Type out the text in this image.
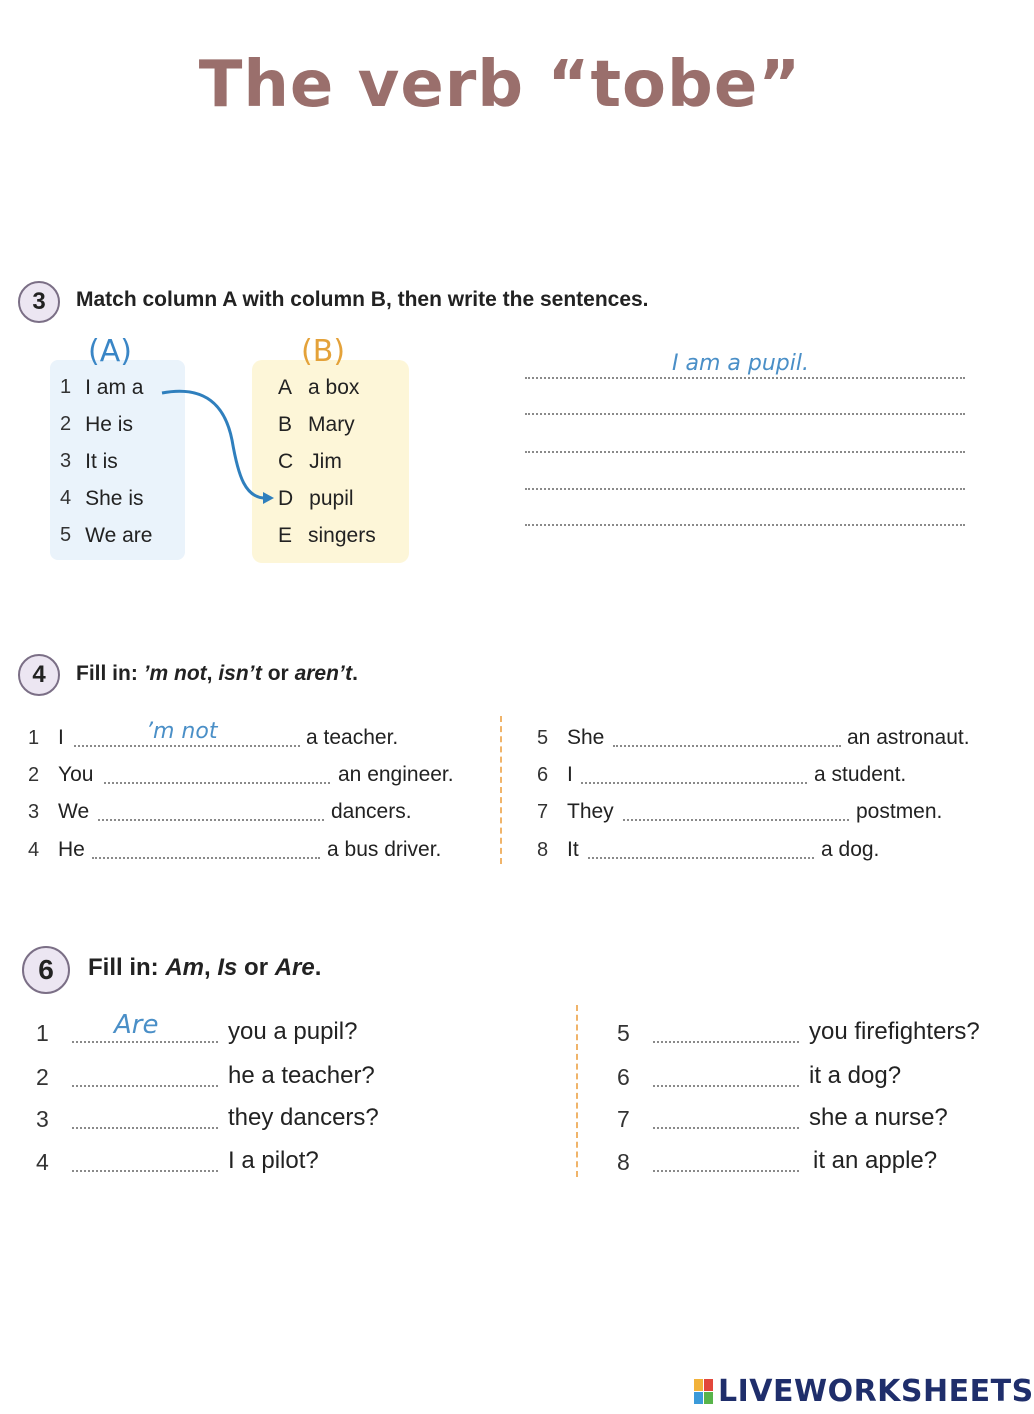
The verb “tobe”
3	Match column A with column B, then write the sentences.
(A)	(B)
1 I am a
2 He is
3 It is
4 She is
5 We are
A a box
B Mary
C Jim
D pupil
E singers
I am a pupil.
4	Fill in: ’m not, isn’t or aren’t.
1 I	’m not	a teacher.
2 You	an engineer.
3 We	dancers.
4 He	a bus driver.
5 She	an astronaut.
6 I	a student.
7 They	postmen.
8 It	a dog.
6	Fill in: Am, Is or Are.
1	Are	you a pupil?
2	he a teacher?
3	they dancers?
4	I a pilot?
5	you firefighters?
6	it a dog?
7	she a nurse?
8	it an apple?
LIVEWORKSHEETS
